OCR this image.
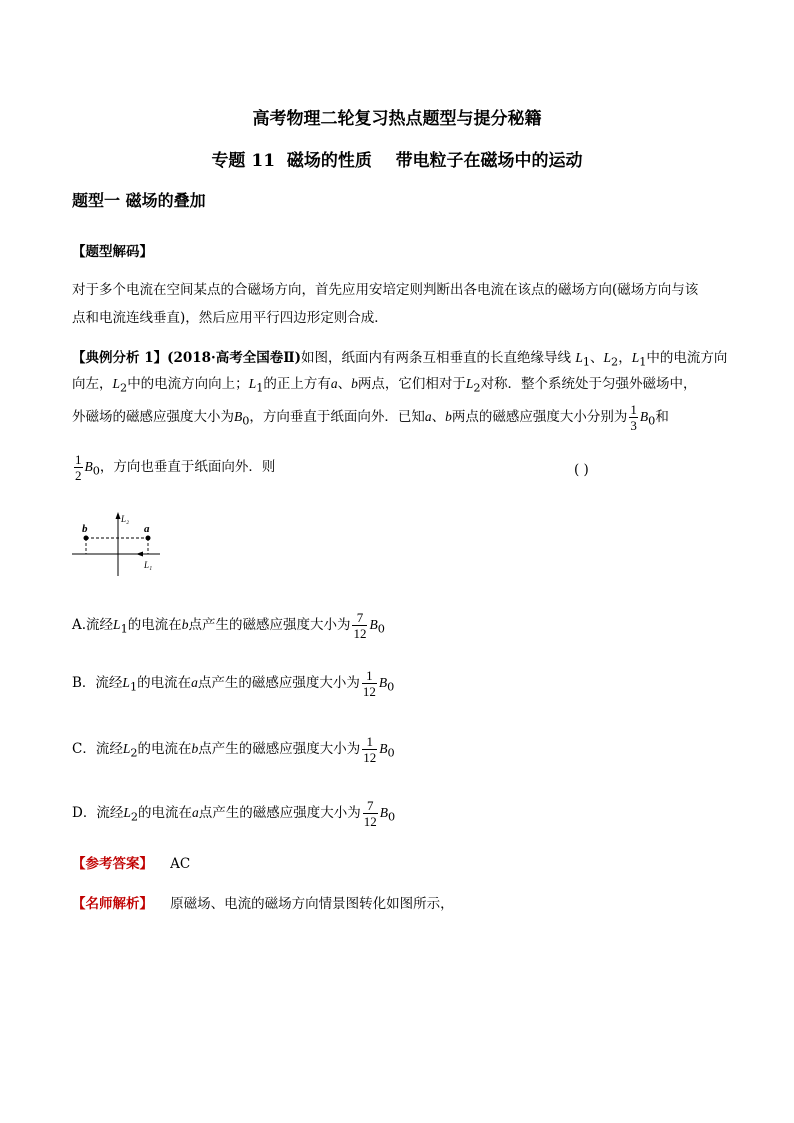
高考物理二轮复习热点题型与提分秘籍
专题 11 磁场的性质 带电粒子在磁场中的运动
题型一 磁场的叠加
【题型解码】
对于多个电流在空间某点的合磁场方向，首先应用安培定则判断出各电流在该点的磁场方向(磁场方向与该
点和电流连线垂直)，然后应用平行四边形定则合成．
【典例分析 1】(2018·高考全国卷Ⅱ)如图，纸面内有两条互相垂直的长直绝缘导线 $L_1$、$L_2$，$L_1$中的电流方向
向左，$L_2$中的电流方向向上；$L_1$的正上方有a、b两点，它们相对于$L_2$对称．整个系统处于匀强外磁场中，
外磁场的磁感应强度大小为$B_0$，方向垂直于纸面向外．已知a、b两点的磁感应强度大小分别为 $\frac{1}{3} B_0$和
$\frac{1}{2} B_0$，方向也垂直于纸面向外．则	( )
b	a
L₂
L₁
A.流经$L_1$的电流在b点产生的磁感应强度大小为 $\frac{7}{12} B_0$
B．流经$L_1$的电流在a点产生的磁感应强度大小为 $\frac{1}{12} B_0$
C．流经$L_2$的电流在b点产生的磁感应强度大小为 $\frac{1}{12} B_0$
D．流经$L_2$的电流在a点产生的磁感应强度大小为 $\frac{7}{12} B_0$
【参考答案】 AC
【名师解析】 原磁场、电流的磁场方向情景图转化如图所示，
